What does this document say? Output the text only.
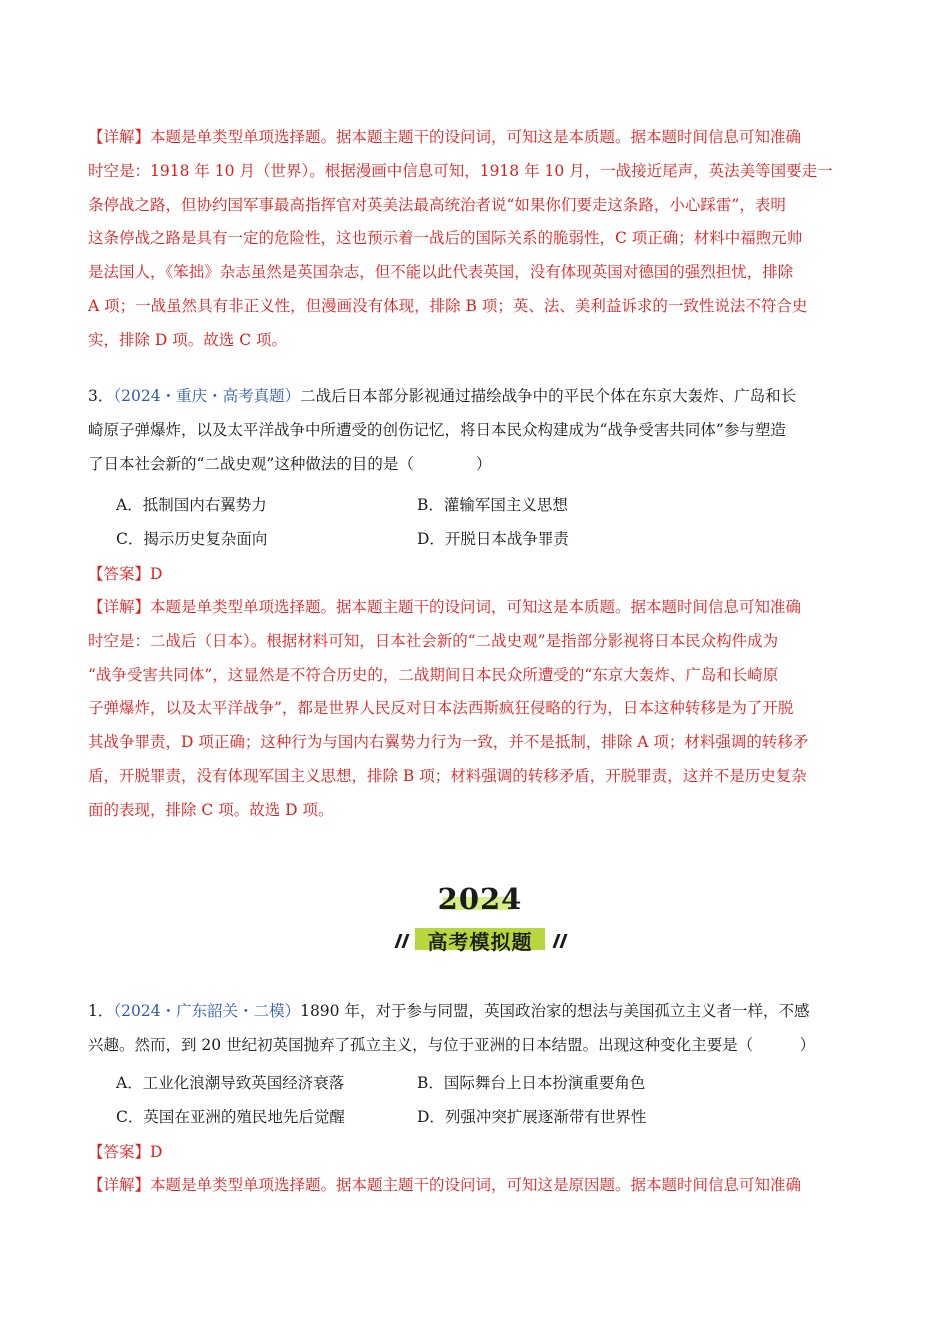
【详解】本题是单类型单项选择题。据本题主题干的设问词，可知这是本质题。据本题时间信息可知准确
时空是：1918 年 10 月（世界）。根据漫画中信息可知，1918 年 10 月，一战接近尾声，英法美等国要走一
条停战之路，但协约国军事最高指挥官对英美法最高统治者说“如果你们要走这条路，小心踩雷”，表明
这条停战之路是具有一定的危险性，这也预示着一战后的国际关系的脆弱性，C 项正确；材料中福煦元帅
是法国人，《笨拙》杂志虽然是英国杂志，但不能以此代表英国，没有体现英国对德国的强烈担忧，排除
A 项；一战虽然具有非正义性，但漫画没有体现，排除 B 项；英、法、美利益诉求的一致性说法不符合史
实，排除 D 项。故选 C 项。
3．（2024・重庆・高考真题）二战后日本部分影视通过描绘战争中的平民个体在东京大轰炸、广岛和长
崎原子弹爆炸，以及太平洋战争中所遭受的创伤记忆，将日本民众构建成为“战争受害共同体”参与塑造
了日本社会新的“二战史观”这种做法的目的是（　　　　）
A．抵制国内右翼势力	B．灌输军国主义思想
C．揭示历史复杂面向	D．开脱日本战争罪责
【答案】D
【详解】本题是单类型单项选择题。据本题主题干的设问词，可知这是本质题。据本题时间信息可知准确
时空是：二战后（日本）。根据材料可知，日本社会新的“二战史观”是指部分影视将日本民众构件成为
“战争受害共同体”，这显然是不符合历史的，二战期间日本民众所遭受的“东京大轰炸、广岛和长崎原
子弹爆炸，以及太平洋战争”，都是世界人民反对日本法西斯疯狂侵略的行为，日本这种转移是为了开脱
其战争罪责，D 项正确；这种行为与国内右翼势力行为一致，并不是抵制，排除 A 项；材料强调的转移矛
盾，开脱罪责，没有体现军国主义思想，排除 B 项；材料强调的转移矛盾，开脱罪责，这并不是历史复杂
面的表现，排除 C 项。故选 D 项。
2024
高考模拟题
1．（2024・广东韶关・二模）1890 年，对于参与同盟，英国政治家的想法与美国孤立主义者一样，不感
兴趣。然而，到 20 世纪初英国抛弃了孤立主义，与位于亚洲的日本结盟。出现这种变化主要是（　　　）
A．工业化浪潮导致英国经济衰落	B．国际舞台上日本扮演重要角色
C．英国在亚洲的殖民地先后觉醒	D．列强冲突扩展逐渐带有世界性
【答案】D
【详解】本题是单类型单项选择题。据本题主题干的设问词，可知这是原因题。据本题时间信息可知准确
